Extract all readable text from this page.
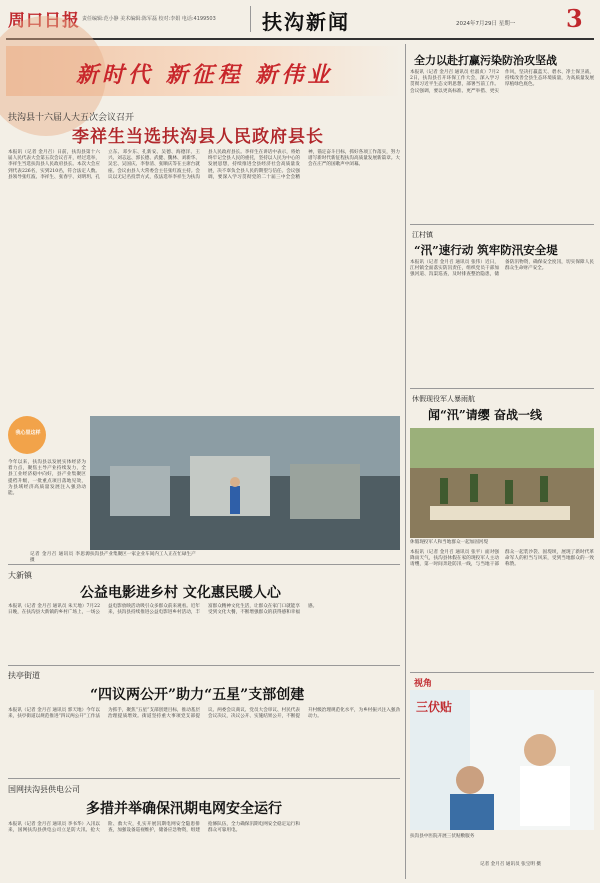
周口日报 责任编辑:范小静 美术编辑:陈军磊 校对:李娟 电话:4199503 扶沟新闻	2024年7月29日 星期一 3
新时代 新征程 新伟业
扶沟县十六届人大五次会议召开
李祥生当选扶沟县人民政府县长
本报讯（记者 金月召）日前，扶沟县第十六届人民代表大会第五次会议召开，经过选举，李祥生当选扶沟县人民政府县长。本次大会应到代表226名，实到210名，符合法定人数。县领导张红波、李祥生、张春宇、刘明玥、孔立东、邓少东、孔新安、吴德、海德洋、王兴、刘志远、郭长德、武健、魏林、刘新华、吴宏、吴国庆、李春清、张顺庆等在主席台就座。会议由县人大常委会主任张红波主持。会议以无记名投票方式，依法选举李祥生为扶沟县人民政府县长。李祥生在讲话中表示，将始终牢记全县人民的重托，坚持以人民为中心的发展思想，持续推进全县经济社会高质量发展，决不辜负全县人民的期望与信任。会议强调，要深入学习贯彻党的二十届三中全会精神，锚定奋斗目标，抓好各项工作落实，努力谱写新时代新征程扶沟高质量发展新篇章。大会在庄严的国歌声中闭幕。
我心里这样
今年以来，扶沟县以发展实体经济为着力点，聚焦主导产业持续发力，全县工业经济稳中向好，县产业集聚区提档升级，一批重点项目落地见效，为县域经济高质量发展注入强劲动能。
扶沟县产业集聚区一家企业车间内工人正在忙碌生产
记者 金月召 通讯员 李思源 摄
大新镇
公益电影进乡村 文化惠民暖人心
本报讯（记者 金月召 通讯员 朱天地）7月22日晚，在扶沟县大新镇的乡村广场上，一场公益电影放映活动吸引众多群众前来观看。近年来，扶沟县持续推进公益电影进乡村活动，丰富群众精神文化生活，让群众在家门口就能享受到文化大餐，不断增强群众的获得感和幸福感。
扶亭街道
“四议两公开”助力“五星”支部创建
本报讯（记者 金月召 通讯员 郭天地）今年以来，扶亭街道以规范推进“四议两公开”工作法为抓手，聚焦“五星”支部创建目标，推动基层治理提质增效。街道坚持重大事项党支部提议、两委会议商议、党员大会审议、村民代表会议决议，决议公开、实施结果公开，不断提升村级治理规范化水平，为乡村振兴注入强劲动力。
国网扶沟县供电公司
多措并举确保汛期电网安全运行
本报讯（记者 金月召 通讯员 李书华）入汛以来，国网扶沟县供电公司立足防大汛、抢大险、救大灾，扎实开展汛期电网安全隐患排查，加强设备巡视维护，储备应急物资，组建抢修队伍，全力确保汛期电网安全稳定运行和群众可靠用电。
全力以赴打赢污染防治攻坚战
本报讯（记者 金月召 通讯员 杜淑贞）7月22日，扶沟县召开环保工作大会，深入学习贯彻习近平生态文明思想，部署当前工作。会议强调，要以更高标准、更严举措、更实作风，坚决打赢蓝天、碧水、净土保卫战，持续改善全县生态环境质量，为高质量发展厚植绿色底色。
江村镇
“汛”速行动 筑牢防汛安全堤
本报讯（记者 金月召 通讯员 张伟）近日，江村镇全面落实防汛责任，组织党员干部加强河道、沟渠巡查，及时排查整治隐患，储备防汛物资，确保安全度汛，切实保障人民群众生命财产安全。
休假现役军人暴雨航
闻“汛”请缨 奋战一线
休假现役军人和当地群众一起加固河堤
本报讯（记者 金月召 通讯员 张平）面对强降雨天气，扶沟县休假在家的现役军人主动请缨，第一时间奔赴防汛一线，与当地干部群众一起装沙袋、固堤坝，展现了新时代革命军人的担当与风采，受到当地群众的一致称赞。
视角
三伏贴
扶沟县中医院开展三伏贴敷服务
记者 金月召 通讯员 张宝明 摄
